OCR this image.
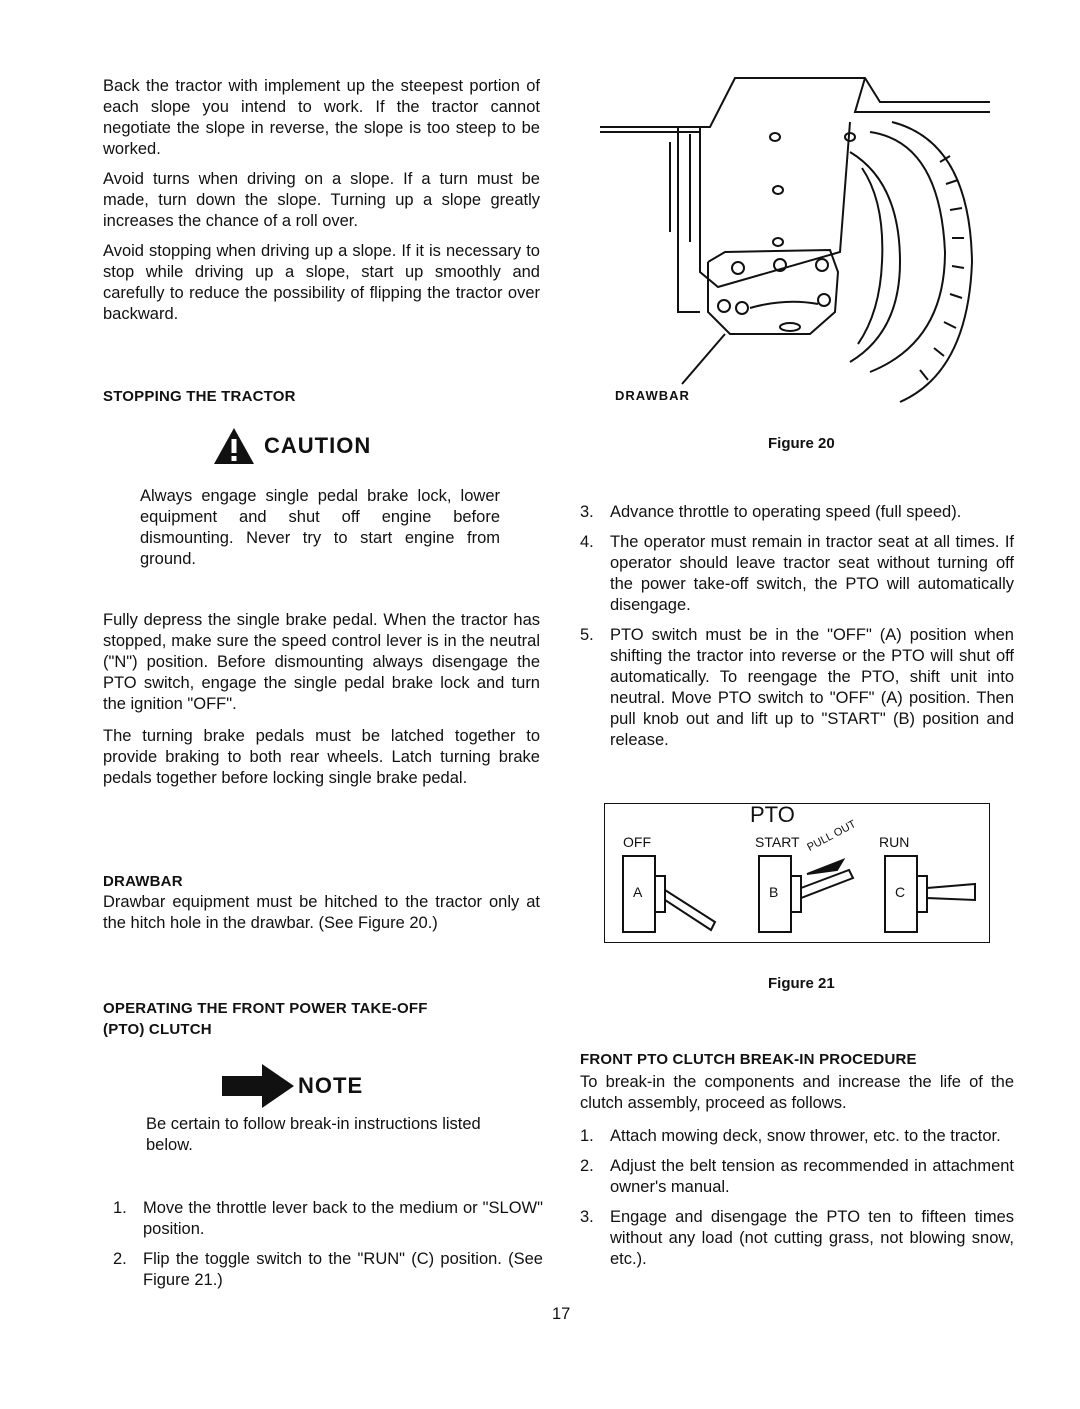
Back the tractor with implement up the steepest portion of each slope you intend to work. If the tractor cannot negotiate the slope in reverse, the slope is too steep to be worked.

Avoid turns when driving on a slope. If a turn must be made, turn down the slope. Turning up a slope greatly increases the chance of a roll over.

Avoid stopping when driving up a slope. If it is necessary to stop while driving up a slope, start up smoothly and carefully to reduce the possibility of flipping the tractor over backward.

STOPPING THE TRACTOR
CAUTION

Always engage single pedal brake lock, lower equipment and shut off engine before dismounting. Never try to start engine from ground.

Fully depress the single brake pedal. When the tractor has stopped, make sure the speed control lever is in the neutral ("N") position. Before dismounting always disengage the PTO switch, engage the single pedal brake lock and turn the ignition "OFF".

The turning brake pedals must be latched together to provide braking to both rear wheels. Latch turning brake pedals together before locking single brake pedal.

DRAWBAR

Drawbar equipment must be hitched to the tractor only at the hitch hole in the drawbar. (See Figure 20.)

OPERATING THE FRONT POWER TAKE-OFF
(PTO) CLUTCH
NOTE

Be certain to follow break-in instructions listed below.

1. Move the throttle lever back to the medium or "SLOW" position.
2. Flip the toggle switch to the "RUN" (C) position. (See Figure 21.)
DRAWBAR
Figure 20
3. Advance throttle to operating speed (full speed).
4. The operator must remain in tractor seat at all times. If operator should leave tractor seat without turning off the power take-off switch, the PTO will automatically disengage.
5. PTO switch must be in the "OFF" (A) position when shifting the tractor into reverse or the PTO will shut off automatically. To reengage the PTO, shift unit into neutral. Move PTO switch to "OFF" (A) position. Then pull knob out and lift up to "START" (B) position and release.
PTO
OFF	START	RUN
PULL OUT
A	B	C
Figure 21
FRONT PTO CLUTCH BREAK-IN PROCEDURE

To break-in the components and increase the life of the clutch assembly, proceed as follows.

1. Attach mowing deck, snow thrower, etc. to the tractor.
2. Adjust the belt tension as recommended in attachment owner's manual.
3. Engage and disengage the PTO ten to fifteen times without any load (not cutting grass, not blowing snow, etc.).
17
